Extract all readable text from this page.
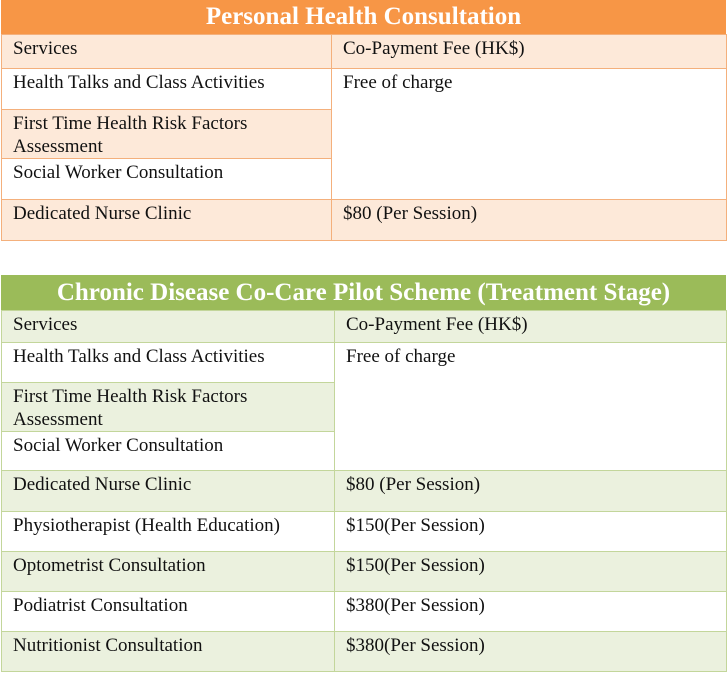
Personal Health Consultation
Services	Co-Payment Fee (HK$)
Health Talks and Class Activities	Free of charge
First Time Health Risk Factors Assessment	
Social Worker Consultation	
Dedicated Nurse Clinic	$80 (Per Session)
Chronic Disease Co-Care Pilot Scheme (Treatment Stage)
Services	Co-Payment Fee (HK$)
Health Talks and Class Activities	Free of charge
First Time Health Risk Factors Assessment	
Social Worker Consultation	
Dedicated Nurse Clinic	$80 (Per Session)
Physiotherapist (Health Education)	$150(Per Session)
Optometrist Consultation	$150(Per Session)
Podiatrist Consultation	$380(Per Session)
Nutritionist Consultation	$380(Per Session)
